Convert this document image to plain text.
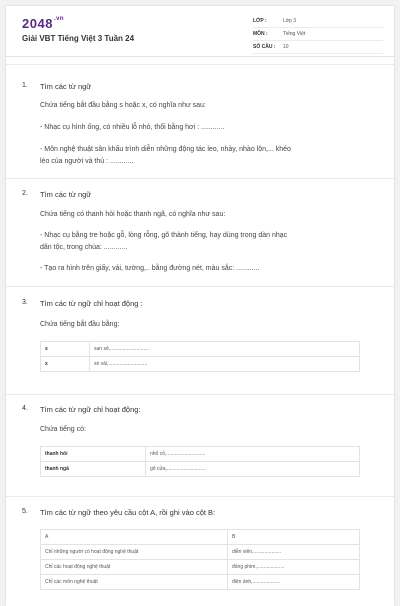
$2048^{.vn}$
Giải VBT Tiếng Việt 3 Tuần 24
LỚP :	Lớp 3
MÔN :	Tiếng Việt
SỐ CÂU :	10
1. Tìm các từ ngữ
Chứa tiếng bắt đầu bằng s hoặc x, có nghĩa như sau:
- Nhạc cụ hình ống, có nhiều lỗ nhỏ, thổi bằng hơi : ............
- Môn nghệ thuật sân khấu trình diễn những động tác leo, nhảy, nhào lộn,... khéo
léo của người và thú : ............
2. Tìm các từ ngữ
Chứa tiếng có thanh hỏi hoặc thanh ngã, có nghĩa như sau:
- Nhạc cụ bằng tre hoặc gỗ, lòng rỗng, gõ thành tiếng, hay dùng trong dàn nhạc
dân tộc, trong chùa: ............
- Tạo ra hình trên giấy, vải, tường,.. bằng đường nét, màu sắc: ............
3. Tìm các từ ngữ chỉ hoạt động :
Chứa tiếng bắt đầu bằng:
s	san sẻ,............................
x	xé vải,............................
4. Tìm các từ ngữ chỉ hoạt động:
Chứa tiếng có:
thanh hỏi	nhổ cỏ,............................
thanh ngã	gõ cửa,............................
5. Tìm các từ ngữ theo yêu cầu cột A, rồi ghi vào cột B:
A	B
Chỉ những người có hoạt động nghệ thuật	diễn viên,....................
Chỉ các hoạt động nghệ thuật	đóng phim,....................
Chỉ các môn nghệ thuật	điện ảnh,....................
